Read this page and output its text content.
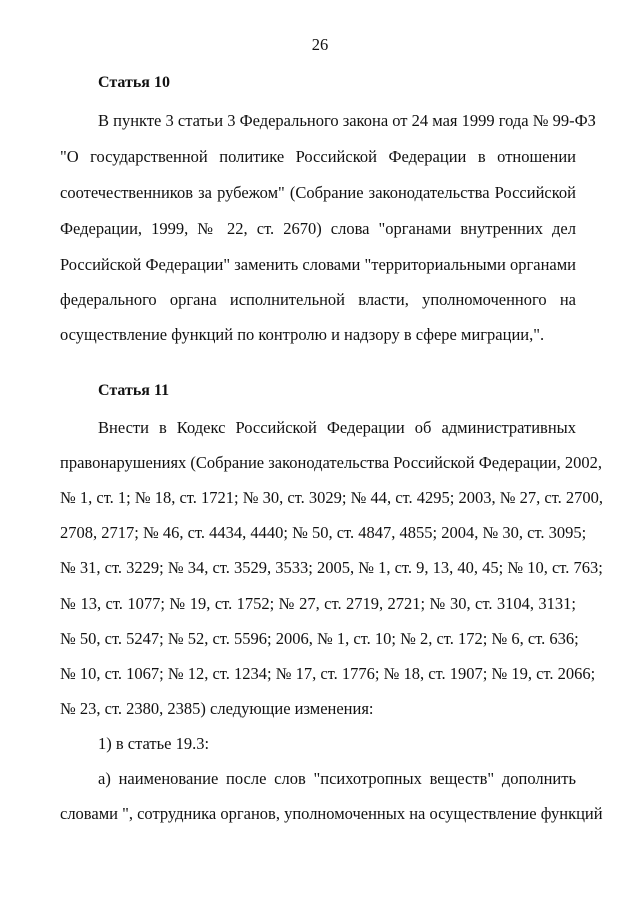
26
Статья 10
В пункте 3 статьи 3 Федерального закона от 24 мая 1999 года № 99-ФЗ
"О государственной политике Российской Федерации в отношении
соотечественников за рубежом" (Собрание законодательства Российской
Федерации, 1999, № 22, ст. 2670) слова "органами внутренних дел
Российской Федерации" заменить словами "территориальными органами
федерального органа исполнительной власти, уполномоченного на
осуществление функций по контролю и надзору в сфере миграции,".
Статья 11
Внести в Кодекс Российской Федерации об административных
правонарушениях (Собрание законодательства Российской Федерации, 2002,
№ 1, ст. 1; № 18, ст. 1721; № 30, ст. 3029; № 44, ст. 4295; 2003, № 27, ст. 2700,
2708, 2717; № 46, ст. 4434, 4440; № 50, ст. 4847, 4855; 2004, № 30, ст. 3095;
№ 31, ст. 3229; № 34, ст. 3529, 3533; 2005, № 1, ст. 9, 13, 40, 45; № 10, ст. 763;
№ 13, ст. 1077; № 19, ст. 1752; № 27, ст. 2719, 2721; № 30, ст. 3104, 3131;
№ 50, ст. 5247; № 52, ст. 5596; 2006, № 1, ст. 10; № 2, ст. 172; № 6, ст. 636;
№ 10, ст. 1067; № 12, ст. 1234; № 17, ст. 1776; № 18, ст. 1907; № 19, ст. 2066;
№ 23, ст. 2380, 2385) следующие изменения:
1) в статье 19.3:
а) наименование после слов "психотропных веществ" дополнить
словами ", сотрудника органов, уполномоченных на осуществление функций
